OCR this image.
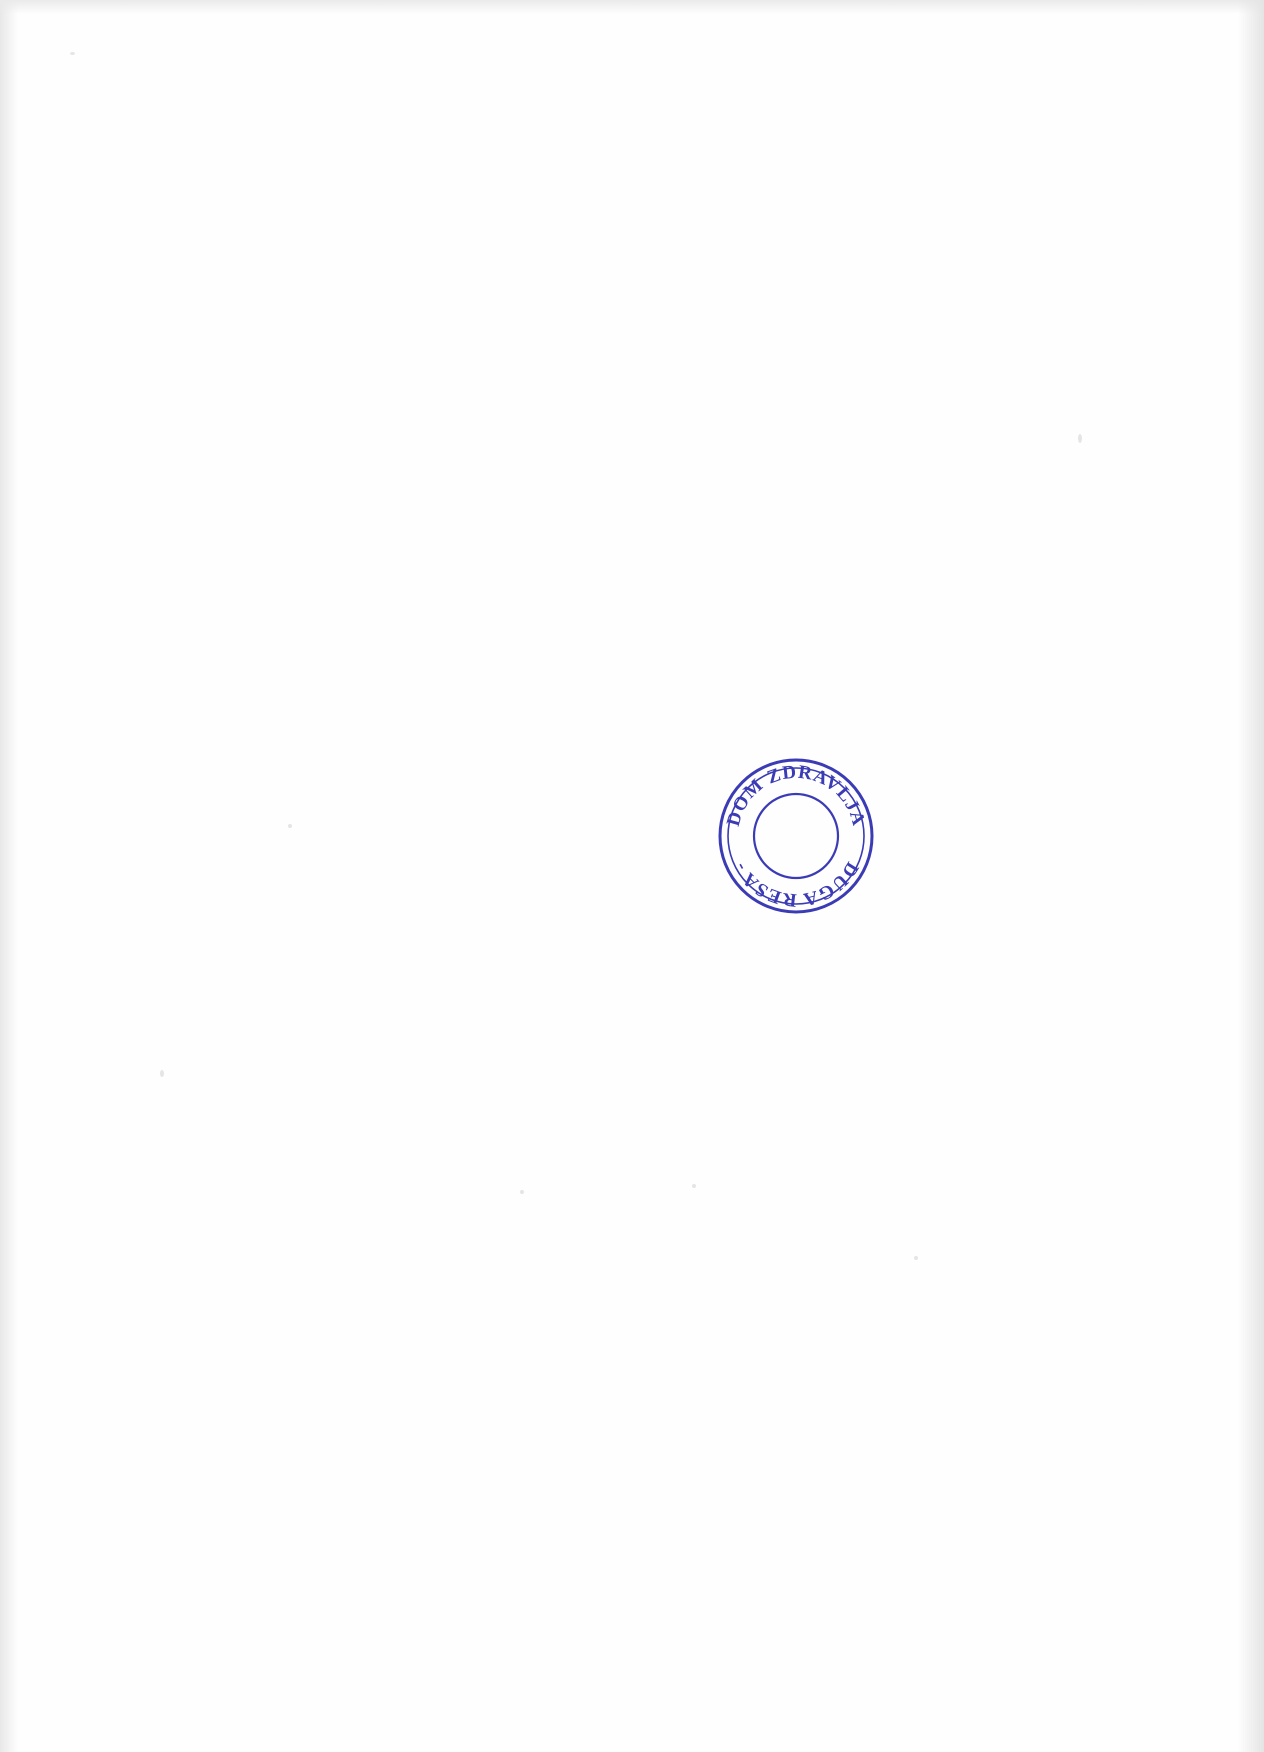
DOM ZDRAVLJA
DUGA RESA -
